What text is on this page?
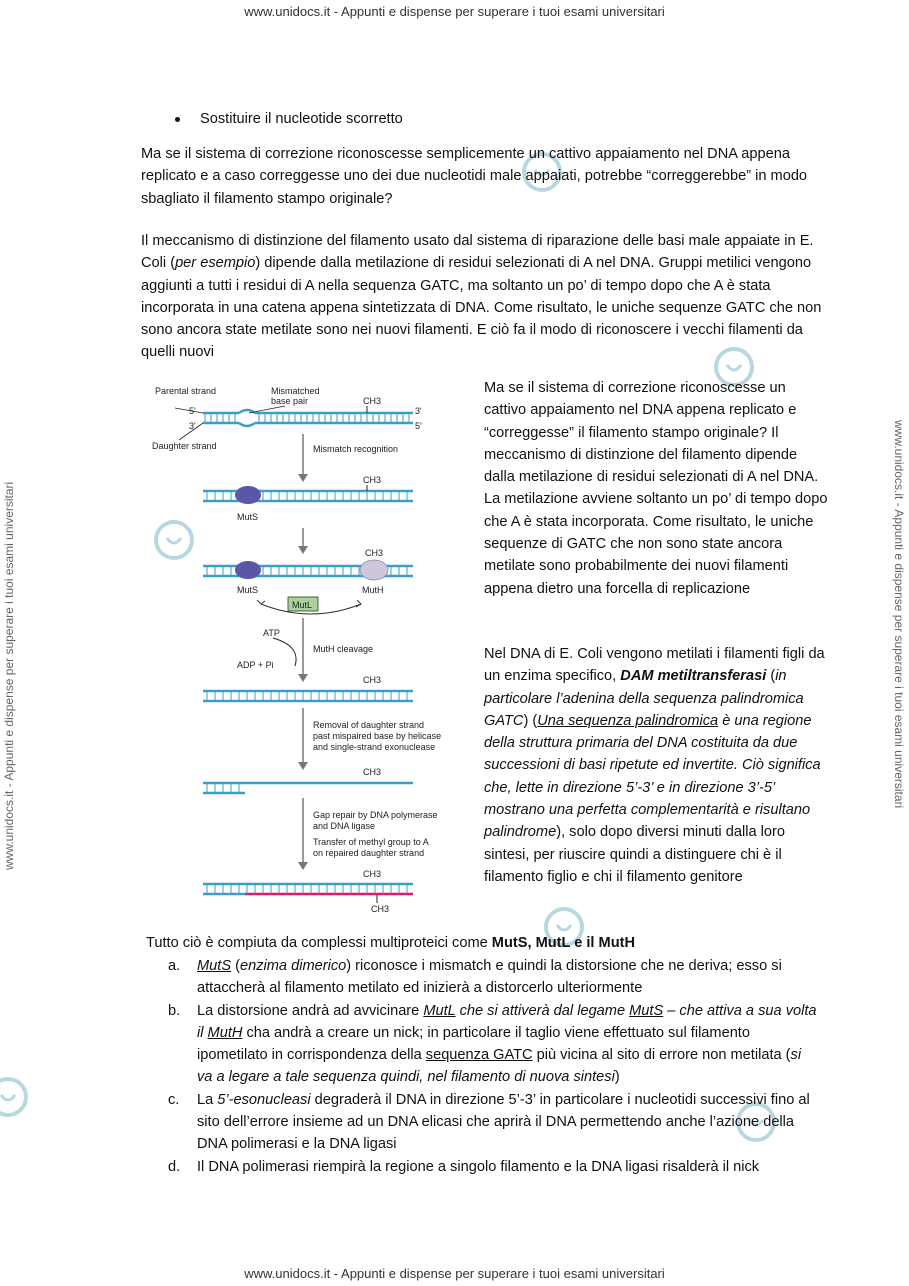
www.unidocs.it - Appunti e dispense per superare i tuoi esami universitari
www.unidocs.it - Appunti e dispense per superare i tuoi esami universitari
www.unidocs.it - Appunti e dispense per superare i tuoi esami universitari	www.unidocs.it - Appunti e dispense per superare i tuoi esami universitari
Sostituire il nucleotide scorretto
Ma se il sistema di correzione riconoscesse semplicemente un cattivo appaiamento nel DNA appena replicato e a caso correggesse uno dei due nucleotidi male appaiati, potrebbe “correggerebbe” in modo sbagliato il filamento stampo originale?
Il meccanismo di distinzione del filamento usato dal sistema di riparazione delle basi male appaiate in E. Coli (per esempio) dipende dalla metilazione di residui selezionati di A nel DNA. Gruppi metilici vengono aggiunti a tutti i residui di A nella sequenza GATC, ma soltanto un po’ di tempo dopo che A è stata incorporata in una catena appena sintetizzata di DNA. Come risultato, le uniche sequenze GATC che non sono ancora state metilate sono nei nuovi filamenti. E ciò fa il modo di riconoscere i vecchi filamenti da quelli nuovi
Parental strand	Mismatched
base pair	CH3
5'
3'
3'
5'
Daughter strand	Mismatch recognition
MutS
CH3
CH3
MutS	MutH
MutL
ATP
ADP + Pi
MutH cleavage
CH3
Removal of daughter strand
past mispaired base by helicase
and single-strand exonuclease
CH3
Gap repair by DNA polymerase
and DNA ligase
Transfer of methyl group to A
on repaired daughter strand
CH3
CH3
Ma se il sistema di correzione riconoscesse un cattivo appaiamento nel DNA appena replicato e “correggesse” il filamento stampo originale? Il meccanismo di distinzione del filamento dipende dalla metilazione di residui selezionati di A nel DNA. La metilazione avviene soltanto un po’ di tempo dopo che A è stata incorporata. Come risultato, le uniche sequenze di GATC che non sono state ancora metilate sono probabilmente dei nuovi filamenti appena dietro una forcella di replicazione
Nel DNA di E. Coli vengono metilati i filamenti figli da un enzima specifico, DAM metiltransferasi (in particolare l’adenina della sequenza palindromica GATC) (Una sequenza palindromica è una regione della struttura primaria del DNA costituita da due successioni di basi ripetute ed invertite. Ciò significa che, lette in direzione 5’-3’ e in direzione 3’-5’ mostrano una perfetta complementarità e risultano palindrome), solo dopo diversi minuti dalla loro sintesi, per riuscire quindi a distinguere chi è il filamento figlio e chi il filamento genitore
Tutto ciò è compiuta da complessi multiproteici come MutS, MutL e il MutH
a. MutS (enzima dimerico) riconosce i mismatch e quindi la distorsione che ne deriva; esso si attaccherà al filamento metilato ed inizierà a distorcerlo ulteriormente
b. La distorsione andrà ad avvicinare MutL che si attiverà dal legame MutS – che attiva a sua volta il MutH cha andrà a creare un nick; in particolare il taglio viene effettuato sul filamento ipometilato in corrispondenza della sequenza GATC più vicina al sito di errore non metilata (si va a legare a tale sequenza quindi, nel filamento di nuova sintesi)
c. La 5’-esonucleasi degraderà il DNA in direzione 5’-3’ in particolare i nucleotidi successivi fino al sito dell’errore insieme ad un DNA elicasi che aprirà il DNA permettendo anche l’azione della DNA polimerasi e la DNA ligasi
d. Il DNA polimerasi riempirà la regione a singolo filamento e la DNA ligasi risalderà il nick
